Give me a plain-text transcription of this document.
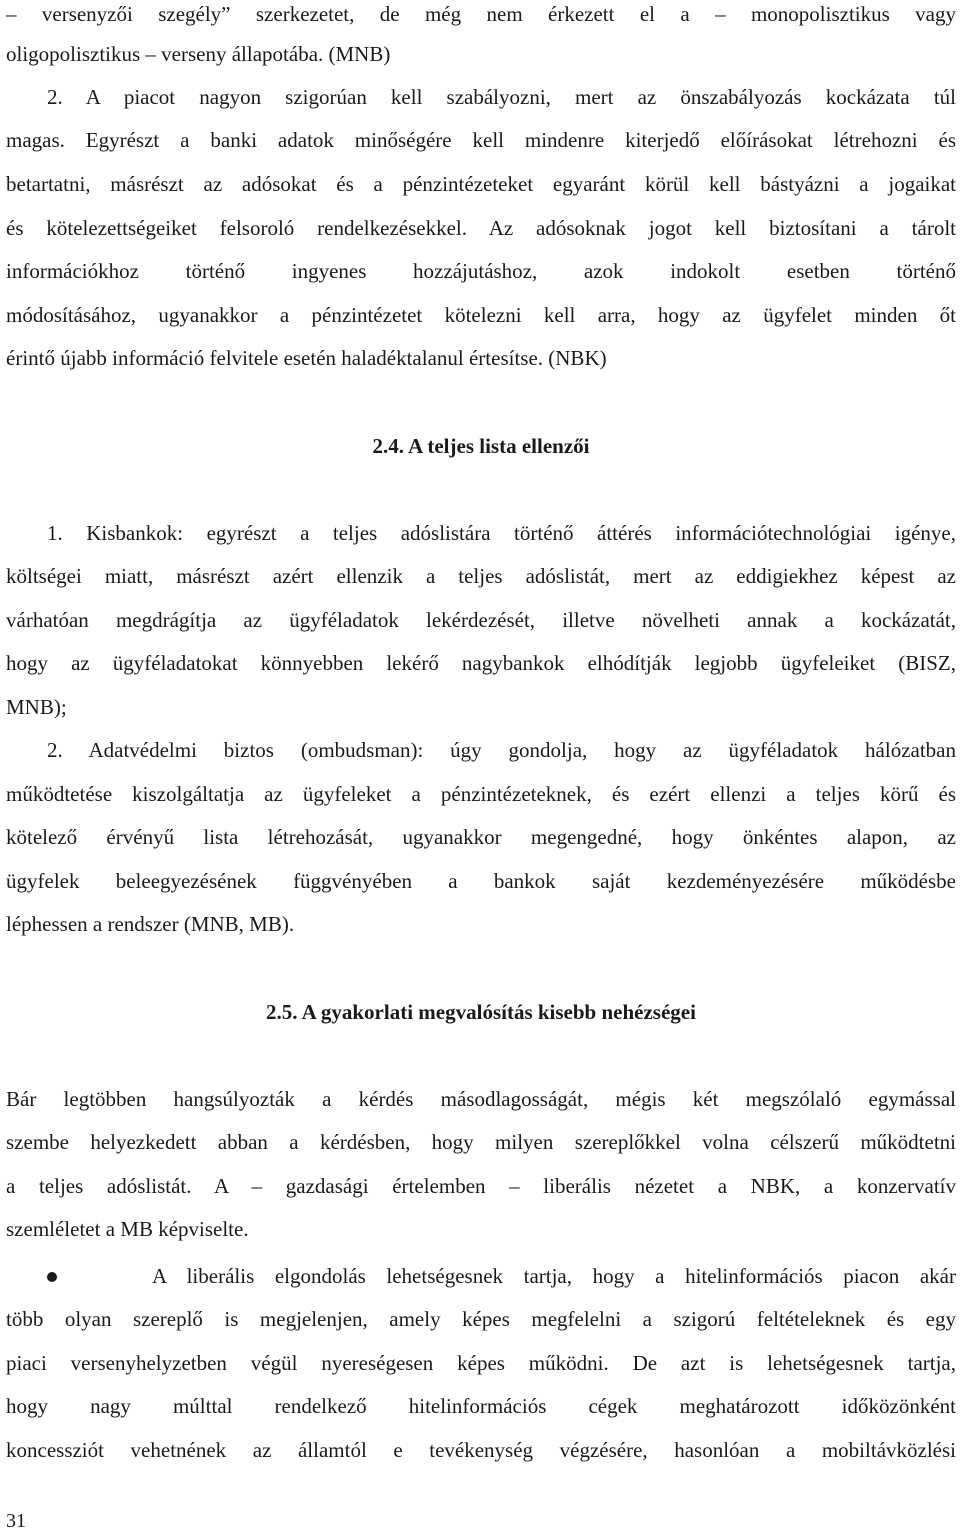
– versenyzői szegély” szerkezetet, de még nem érkezett el a – monopolisztikus vagy
oligopolisztikus – verseny állapotába. (MNB)
2. A piacot nagyon szigorúan kell szabályozni, mert az önszabályozás kockázata túl
magas. Egyrészt a banki adatok minőségére kell mindenre kiterjedő előírásokat létrehozni és
betartatni, másrészt az adósokat és a pénzintézeteket egyaránt körül kell bástyázni a jogaikat
és kötelezettségeiket felsoroló rendelkezésekkel. Az adósoknak jogot kell biztosítani a tárolt
információkhoz történő ingyenes hozzájutáshoz, azok indokolt esetben történő
módosításához, ugyanakkor a pénzintézetet kötelezni kell arra, hogy az ügyfelet minden őt
érintő újabb információ felvitele esetén haladéktalanul értesítse. (NBK)
2.4. A teljes lista ellenzői
1. Kisbankok: egyrészt a teljes adóslistára történő áttérés információtechnológiai igénye,
költségei miatt, másrészt azért ellenzik a teljes adóslistát, mert az eddigiekhez képest az
várhatóan megdrágítja az ügyféladatok lekérdezését, illetve növelheti annak a kockázatát,
hogy az ügyféladatokat könnyebben lekérő nagybankok elhódítják legjobb ügyfeleiket (BISZ,
MNB);
2. Adatvédelmi biztos (ombudsman): úgy gondolja, hogy az ügyféladatok hálózatban
működtetése kiszolgáltatja az ügyfeleket a pénzintézeteknek, és ezért ellenzi a teljes körű és
kötelező érvényű lista létrehozását, ugyanakkor megengedné, hogy önkéntes alapon, az
ügyfelek beleegyezésének függvényében a bankok saját kezdeményezésére működésbe
léphessen a rendszer (MNB, MB).
2.5. A gyakorlati megvalósítás kisebb nehézségei
Bár legtöbben hangsúlyozták a kérdés másodlagosságát, mégis két megszólaló egymással
szembe helyezkedett abban a kérdésben, hogy milyen szereplőkkel volna célszerű működtetni
a teljes adóslistát. A – gazdasági értelemben – liberális nézetet a NBK, a konzervatív
szemléletet a MB képviselte.
A liberális elgondolás lehetségesnek tartja, hogy a hitelinformációs piacon akár
több olyan szereplő is megjelenjen, amely képes megfelelni a szigorú feltételeknek és egy
piaci versenyhelyzetben végül nyereségesen képes működni. De azt is lehetségesnek tartja,
hogy nagy múlttal rendelkező hitelinformációs cégek meghatározott időközönként
koncessziót vehetnének az államtól e tevékenység végzésére, hasonlóan a mobiltávközlési
31
